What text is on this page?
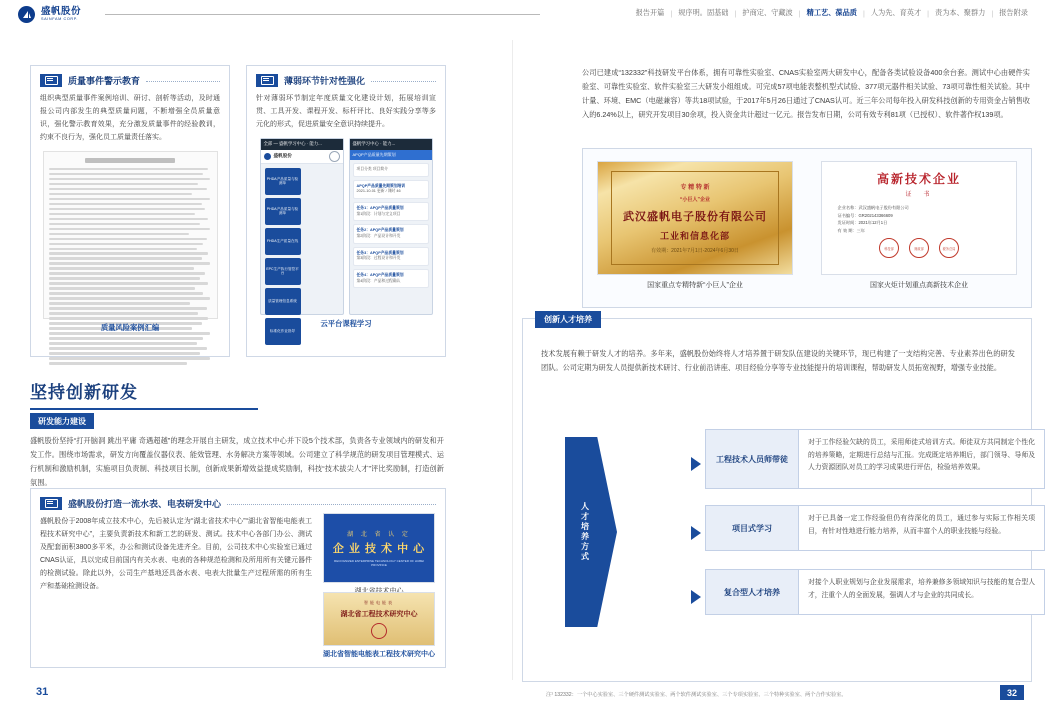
盛帆股份
SAINFAM CORP.
报告开篇 | 规序明。固基础 | 护商定、守藏波 | 精工艺、葆品质 | 人为先、育英才 | 责为本、聚群力 | 报告附录
质量事件警示教育
组织典型质量事件案例培训、研讨、剖析等活动，及时通报公司内部发生的典型质量问题，不断增强全员质量意识，强化警示教育效果，充分激发质量事件的经验教训，约束不良行为，强化员工质量责任落实。
质量风险案例汇编
薄弱环节针对性强化
针对薄弱环节制定年度质量文化建设计划，拓展培训宣贯、工具开发、课程开发、标杆评比、良好实践分享等多元化的形式，促进质量安全意识持续提升。
全部 — 盛帆学习中心 · 能力...
盛帆股份
PHDA产品质量与检测单
PHDA产品质量与检测单
FHDA生产质量在线
EPC生产执行管控平台
质量管理信息系统
标准化作业指导
盛帆学习中心 · 能力...
APQP产品质量先期策划
项目分类 项目简介
APQP产品质量先期策划培训
2021-10-01 更新 / 课时 46
任务1：APQP产品质量策划
第1阶段：计划与定义项目
任务2：APQP产品质量策划
第2阶段：产品设计和开发
任务3：APQP产品质量策划
第3阶段：过程设计和开发
任务4：APQP产品质量策划
第4阶段：产品和过程确认
云平台课程学习
坚持创新研发
研发能力建设
盛帆股份坚持“打开脑洞 跳出平庸 奇遇超越”的理念开展自主研发，成立技术中心并下设5个技术部，负责各专业领域内的研发和开发工作。围绕市场需求，研发方向覆盖仪器仪表、能效管理、水务解决方案等领域。公司建立了科学规范的研发项目管理模式、运行机制和激励机制，实施项目负责制、科技项目长制，创新成果新增效益提成奖励制，科技“技术拔尖人才”评比奖励制，打造创新氛围。
盛帆股份打造一流水表、电表研发中心
盛帆股份于2008年成立技术中心，先后被认定为“湖北省技术中心”“湖北省智能电能表工程技术研究中心”，主要负责新技术和新工艺的研发、测试。技术中心各部门办公、测试及配套面积3800多平米，办公和测试设备先进齐全。目前，公司技术中心实验室已通过CNAS认证，具以完成目前国内有关水表、电表的各种规范检测和及所用所有关键元器件的检测试验。除此以外，公司生产基地还具备水表、电表大批量生产过程所需的所有生产和基础检测设备。
湖 北 省 认 定
企 业 技 术 中 心
RECOGNIZED ENTERPRISE TECHNOLOGY CENTER OF HUBEI PROVINCE
智能电能表
湖北省工程技术研究中心
湖北省智能电能表工程技术研究中心
31
公司已建成“132332”科技研发平台体系，拥有可靠性实验室、CNAS实验室两大研发中心，配备各类试验设备400余台套。测试中心由硬件实验室、可靠性实验室、软件实验室三大研发小组组成。可完成57项电能表整机型式试验、377项元器件相关试验、73项可靠性相关试验。其中计量、环境、EMC（电磁兼容）等共18项试验，于2017年5月26日通过了CNAS认可。近三年公司每年投入研发科技创新的专用资金占销售收入的6.24%以上，研究开发项目30余项，投入资金共计超过一亿元。报告发布日期，公司有效专利81项（已授权）、软件著作权139项。
专 精 特 新
“小巨人”企业
武汉盛帆电子股份有限公司
工业和信息化部
有效期：2021年7月1日-2024年6月30日
国家重点专精特新“小巨人”企业
高新技术企业
证　书
企业名称：武汉盛帆电子股份有限公司
证书编号：GR202143366609
发证时间：2021年12月1日
有 效 期：三年
科技部	财政部	税务总局
国家火炬计划重点高新技术企业
创新人才培养
技术发展有赖于研发人才的培养。多年来，盛帆股份始终将人才培养置于研发队伍建设的关键环节，现已构建了一支结构完善、专业素养出色的研发团队。公司定期为研发人员提供新技术研讨、行业前沿讲座、项目经验分享等专业技能提升的培训课程，帮助研发人员拓宽视野，增强专业技能。
人才培养方式
工程技术人员师带徒
对于工作经验欠缺的员工，采用师徒式培训方式。师徒双方共同制定个性化的培养策略，定期进行总结与汇报。完成既定培养期后，部门领导、导师及人力资源团队对员工的学习成果进行评估，检验培养效果。
项目式学习
对于已具备一定工作经验但仍有待深化的员工，通过参与实际工作相关项目，有针对性地进行能力培养，从而丰富个人的职业技能与经验。
复合型人才培养
对接个人职业规划与企业发展需求，培养兼修多领域知识与技能的复合型人才，注重个人的全面发展，强调人才与企业的共同成长。
注¹ 132332：一个中心实验室、三个硬件测试实验室、两个软件测试实验室、三个专项实验室、三个特种实验室、两个合作实验室。	32
